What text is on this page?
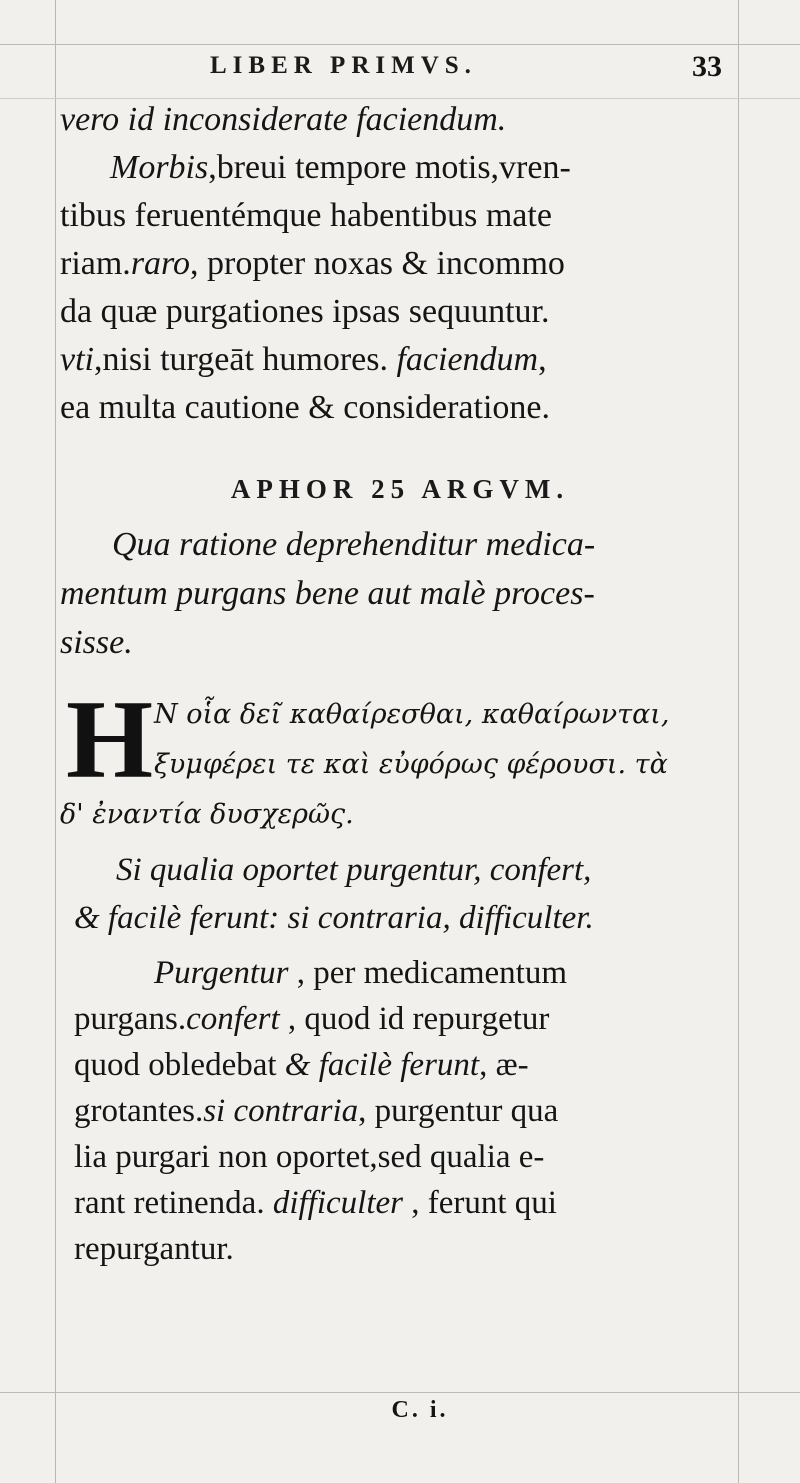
LIBER PRIMVS.	33
vero id inconsiderate faciendum.
Morbis,breui tempore motis,vren-
tibus feruentémque habentibus mate
riam.raro, propter noxas & incommo
da quæ purgationes ipsas sequuntur.
vti,nisi turgeāt humores. faciendum,
ea multa cautione & consideratione.
APHOR 25 ARGVM.
Qua ratione deprehenditur medica-
mentum purgans bene aut malè proces-
sisse.
H Ν οἷα δεῖ καθαίρεσθαι, καθαίρωνται,
ξυμφέρει τε καὶ εὐφόρως φέρουσι. τὰ
δ' ἐναντία δυσχερῶς.
Si qualia oportet purgentur, confert,
& facilè ferunt: si contraria, difficulter.
Purgentur , per medicamentum
purgans.confert , quod id repurgetur
quod obledebat & facilè ferunt, æ-
grotantes.si contraria, purgentur qua
lia purgari non oportet,sed qualia e-
rant retinenda. difficulter , ferunt qui
repurgantur.
C. i.
